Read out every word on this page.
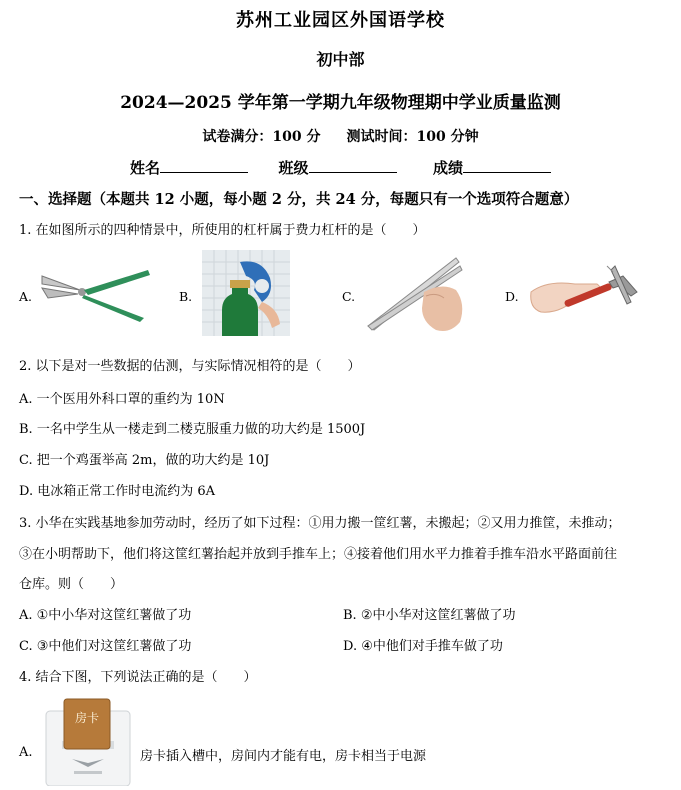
苏州工业园区外国语学校
初中部
2024—2025 学年第一学期九年级物理期中学业质量监测
试卷满分：100 分 测试时间：100 分钟
姓名	班级	成绩
一、选择题（本题共 12 小题，每小题 2 分，共 24 分，每题只有一个选项符合题意）
1. 在如图所示的四种情景中，所使用的杠杆属于费力杠杆的是（　　）
A.	B.	C.	D.
2. 以下是对一些数据的估测，与实际情况相符的是（　　）
A. 一个医用外科口罩的重约为 10N
B. 一名中学生从一楼走到二楼克服重力做的功大约是 1500J
C. 把一个鸡蛋举高 2m，做的功大约是 10J
D. 电冰箱正常工作时电流约为 6A
3. 小华在实践基地参加劳动时，经历了如下过程：①用力搬一筐红薯，未搬起；②又用力推筐，未推动；
③在小明帮助下，他们将这筐红薯抬起并放到手推车上；④接着他们用水平力推着手推车沿水平路面前往
仓库。则（　　）
A. ①中小华对这筐红薯做了功	B. ②中小华对这筐红薯做了功
C. ③中他们对这筐红薯做了功	D. ④中他们对手推车做了功
4. 结合下图，下列说法正确的是（　　）
A.
房卡
房卡插入槽中，房间内才能有电，房卡相当于电源
